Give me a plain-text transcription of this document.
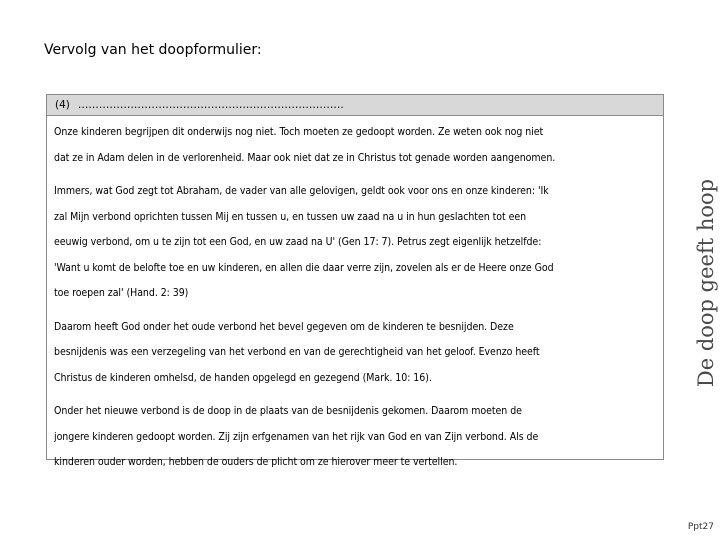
Vervolg van het doopformulier:
(4) ………………………………………………………………….
Onze kinderen begrijpen dit onderwijs nog niet. Toch moeten ze gedoopt worden. Ze weten ook nog niet
dat ze in Adam delen in de verlorenheid. Maar ook niet dat ze in Christus tot genade worden aangenomen.
Immers, wat God zegt tot Abraham, de vader van alle gelovigen, geldt ook voor ons en onze kinderen: 'Ik
zal Mijn verbond oprichten tussen Mij en tussen u, en tussen uw zaad na u in hun geslachten tot een
eeuwig verbond, om u te zijn tot een God, en uw zaad na U' (Gen 17: 7). Petrus zegt eigenlijk hetzelfde:
'Want u komt de belofte toe en uw kinderen, en allen die daar verre zijn, zovelen als er de Heere onze God
toe roepen zal' (Hand. 2: 39)
Daarom heeft God onder het oude verbond het bevel gegeven om de kinderen te besnijden. Deze
besnijdenis was een verzegeling van het verbond en van de gerechtigheid van het geloof. Evenzo heeft
Christus de kinderen omhelsd, de handen opgelegd en gezegend (Mark. 10: 16).
Onder het nieuwe verbond is de doop in de plaats van de besnijdenis gekomen. Daarom moeten de
jongere kinderen gedoopt worden. Zij zijn erfgenamen van het rijk van God en van Zijn verbond. Als de
kinderen ouder worden, hebben de ouders de plicht om ze hierover meer te vertellen.
De doop geeft hoop
Ppt27
